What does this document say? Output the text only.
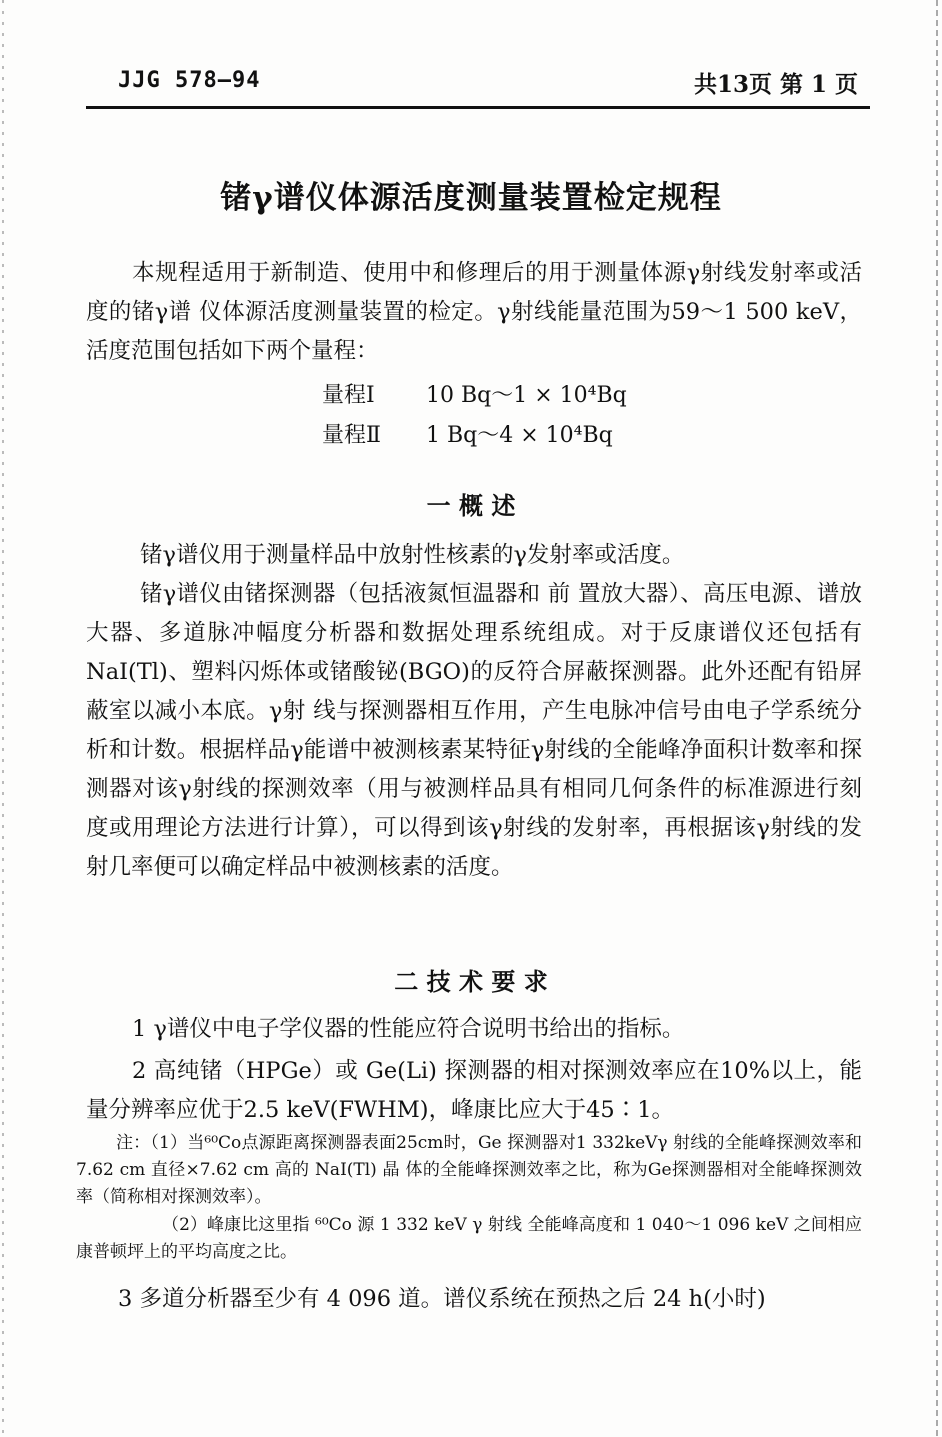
JJG 578—94	共13页 第 1 页
锗γ谱仪体源活度测量装置检定规程
本规程适用于新制造、使用中和修理后的用于测量体源γ射线发射率或活度的锗γ谱 仪体源活度测量装置的检定。γ射线能量范围为59～1 500 keV，活度范围包括如下两个量程：
量程Ⅰ 10 Bq～1 × 10⁴Bq
量程Ⅱ 1 Bq～4 × 10⁴Bq
一 概 述
锗γ谱仪用于测量样品中放射性核素的γ发射率或活度。
锗γ谱仪由锗探测器（包括液氮恒温器和 前 置放大器）、高压电源、谱放大器、多道脉冲幅度分析器和数据处理系统组成。对于反康谱仪还包括有 NaI(Tl)、塑料闪烁体或锗酸铋(BGO)的反符合屏蔽探测器。此外还配有铅屏蔽室以减小本底。γ射 线与探测器相互作用，产生电脉冲信号由电子学系统分析和计数。根据样品γ能谱中被测核素某特征γ射线的全能峰净面积计数率和探测器对该γ射线的探测效率（用与被测样品具有相同几何条件的标准源进行刻度或用理论方法进行计算），可以得到该γ射线的发射率，再根据该γ射线的发射几率便可以确定样品中被测核素的活度。
二 技 术 要 求
1 γ谱仪中电子学仪器的性能应符合说明书给出的指标。
2 高纯锗（HPGe）或 Ge(Li) 探测器的相对探测效率应在10%以上，能量分辨率应优于2.5 keV(FWHM)，峰康比应大于45∶1。
注：（1）当⁶⁰Co点源距离探测器表面25cm时，Ge 探测器对1 332keVγ 射线的全能峰探测效率和 7.62 cm 直径×7.62 cm 高的 NaI(Tl) 晶 体的全能峰探测效率之比，称为Ge探测器相对全能峰探测效率（简称相对探测效率）。
（2）峰康比这里指 ⁶⁰Co 源 1 332 keV γ 射线 全能峰高度和 1 040～1 096 keV 之间相应康普顿坪上的平均高度之比。
3 多道分析器至少有 4 096 道。谱仪系统在预热之后 24 h(小时)
